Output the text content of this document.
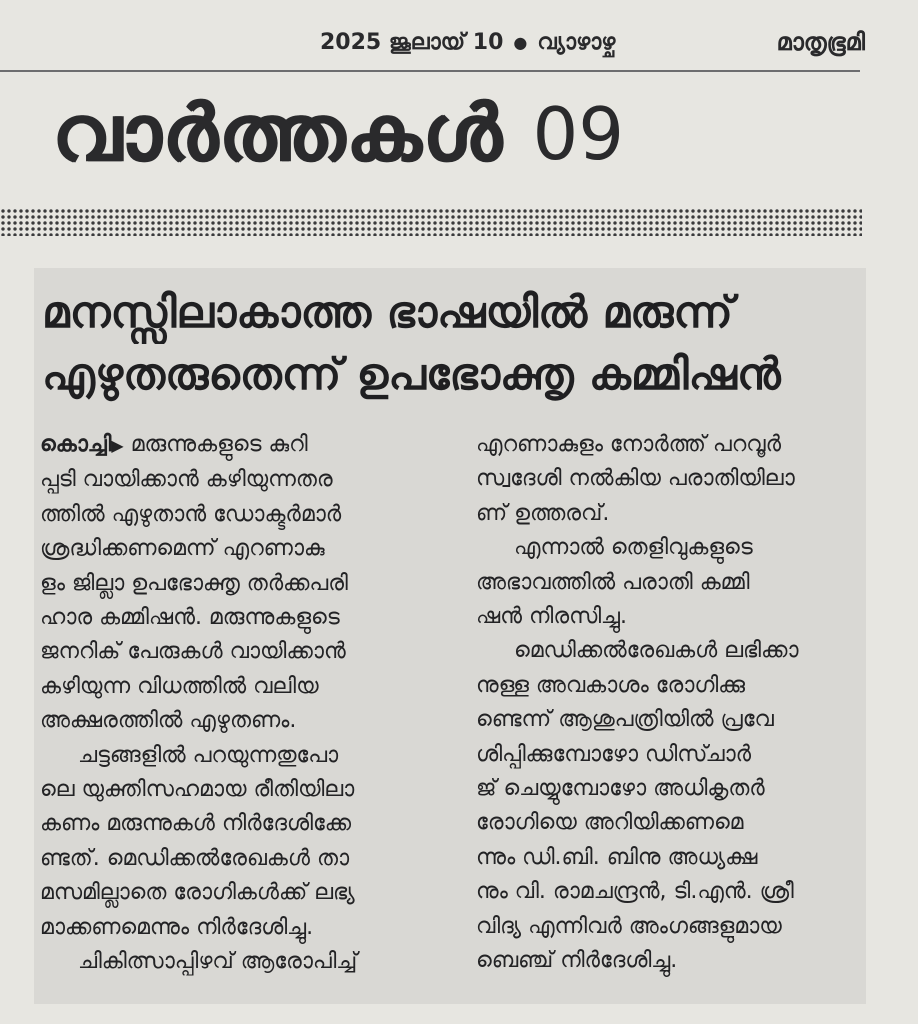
2025 ജൂലായ് 10 ● വ്യാഴാഴ്ച	മാതൃഭൂമി
വാർത്തകൾ 09
മനസ്സിലാകാത്ത ഭാഷയിൽ മരുന്ന്
എഴുതരുതെന്ന് ഉപഭോക്തൃ കമ്മിഷൻ

കൊച്ചി▶ മരുന്നുകളുടെ കുറി

പ്പടി വായിക്കാൻ കഴിയുന്നതര

ത്തിൽ എഴുതാൻ ഡോക്ടർമാർ

ശ്രദ്ധിക്കണമെന്ന് എറണാകു

ളം ജില്ലാ ഉപഭോക്തൃ തർക്കപരി

ഹാര കമ്മിഷൻ. മരുന്നുകളുടെ

ജനറിക് പേരുകൾ വായിക്കാൻ

കഴിയുന്ന വിധത്തിൽ വലിയ

അക്ഷരത്തിൽ എഴുതണം.

ചട്ടങ്ങളിൽ പറയുന്നതുപോ

ലെ യുക്തിസഹമായ രീതിയിലാ

കണം മരുന്നുകൾ നിർദേശിക്കേ

ണ്ടത്. മെഡിക്കൽരേഖകൾ താ

മസമില്ലാതെ രോഗികൾക്ക് ലഭ്യ

മാക്കണമെന്നും നിർദേശിച്ചു.

ചികിത്സാപ്പിഴവ് ആരോപിച്ച്

എറണാകുളം നോർത്ത് പറവൂർ

സ്വദേശി നൽകിയ പരാതിയിലാ

ണ് ഉത്തരവ്.

എന്നാൽ തെളിവുകളുടെ

അഭാവത്തിൽ പരാതി കമ്മി

ഷൻ നിരസിച്ചു.

മെഡിക്കൽരേഖകൾ ലഭിക്കാ

നുള്ള അവകാശം രോഗിക്കു

ണ്ടെന്ന് ആശുപത്രിയിൽ പ്രവേ

ശിപ്പിക്കുമ്പോഴോ ഡിസ്ചാർ

ജ് ചെയ്യുമ്പോഴോ അധികൃതർ

രോഗിയെ അറിയിക്കണമെ

ന്നും ഡി.ബി. ബിനു അധ്യക്ഷ

നും വി. രാമചന്ദ്രൻ, ടി.എൻ. ശ്രീ

വിദ്യ എന്നിവർ അംഗങ്ങളുമായ

ബെഞ്ച് നിർദേശിച്ചു.
